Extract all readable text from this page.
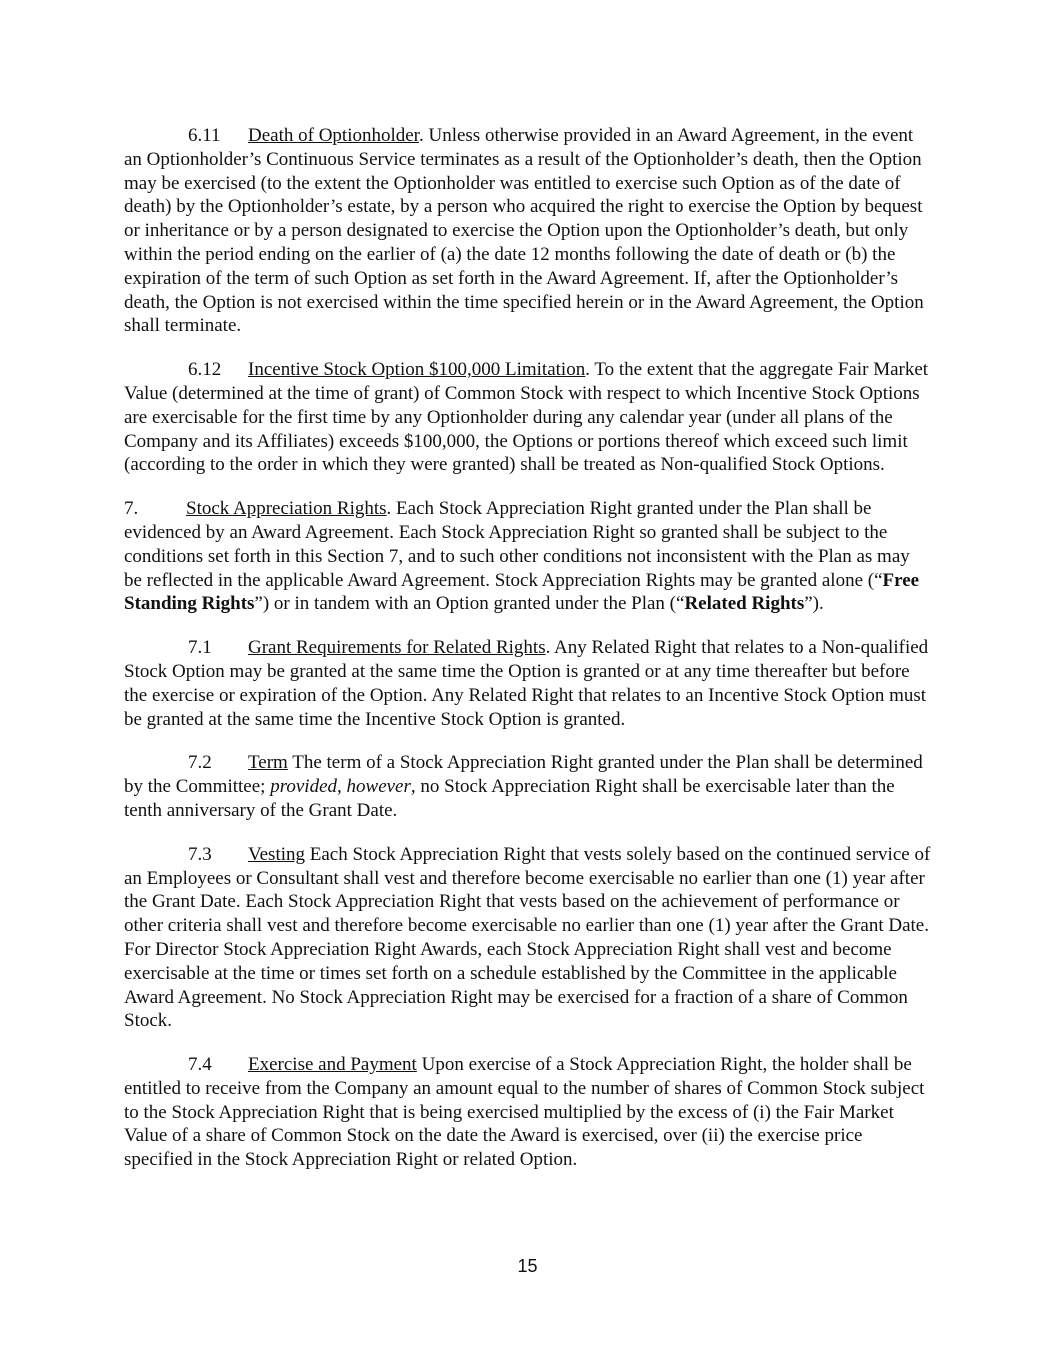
6.11 Death of Optionholder. Unless otherwise provided in an Award Agreement, in the event an Optionholder’s Continuous Service terminates as a result of the Optionholder’s death, then the Option may be exercised (to the extent the Optionholder was entitled to exercise such Option as of the date of death) by the Optionholder’s estate, by a person who acquired the right to exercise the Option by bequest or inheritance or by a person designated to exercise the Option upon the Optionholder’s death, but only within the period ending on the earlier of (a) the date 12 months following the date of death or (b) the expiration of the term of such Option as set forth in the Award Agreement. If, after the Optionholder’s death, the Option is not exercised within the time specified herein or in the Award Agreement, the Option shall terminate.

6.12 Incentive Stock Option $100,000 Limitation. To the extent that the aggregate Fair Market Value (determined at the time of grant) of Common Stock with respect to which Incentive Stock Options are exercisable for the first time by any Optionholder during any calendar year (under all plans of the Company and its Affiliates) exceeds $100,000, the Options or portions thereof which exceed such limit (according to the order in which they were granted) shall be treated as Non-qualified Stock Options.

7.	Stock Appreciation Rights. Each Stock Appreciation Right granted under the Plan shall be evidenced by an Award Agreement. Each Stock Appreciation Right so granted shall be subject to the conditions set forth in this Section 7, and to such other conditions not inconsistent with the Plan as may be reflected in the applicable Award Agreement. Stock Appreciation Rights may be granted alone (“Free Standing Rights”) or in tandem with an Option granted under the Plan (“Related Rights”).

7.1 Grant Requirements for Related Rights. Any Related Right that relates to a Non-qualified Stock Option may be granted at the same time the Option is granted or at any time thereafter but before the exercise or expiration of the Option. Any Related Right that relates to an Incentive Stock Option must be granted at the same time the Incentive Stock Option is granted.

7.2 Term The term of a Stock Appreciation Right granted under the Plan shall be determined by the Committee; provided, however, no Stock Appreciation Right shall be exercisable later than the tenth anniversary of the Grant Date.

7.3 Vesting Each Stock Appreciation Right that vests solely based on the continued service of an Employees or Consultant shall vest and therefore become exercisable no earlier than one (1) year after the Grant Date. Each Stock Appreciation Right that vests based on the achievement of performance or other criteria shall vest and therefore become exercisable no earlier than one (1) year after the Grant Date. For Director Stock Appreciation Right Awards, each Stock Appreciation Right shall vest and become exercisable at the time or times set forth on a schedule established by the Committee in the applicable Award Agreement. No Stock Appreciation Right may be exercised for a fraction of a share of Common Stock.

7.4 Exercise and Payment Upon exercise of a Stock Appreciation Right, the holder shall be entitled to receive from the Company an amount equal to the number of shares of Common Stock subject to the Stock Appreciation Right that is being exercised multiplied by the excess of (i) the Fair Market Value of a share of Common Stock on the date the Award is exercised, over (ii) the exercise price specified in the Stock Appreciation Right or related Option.

15
